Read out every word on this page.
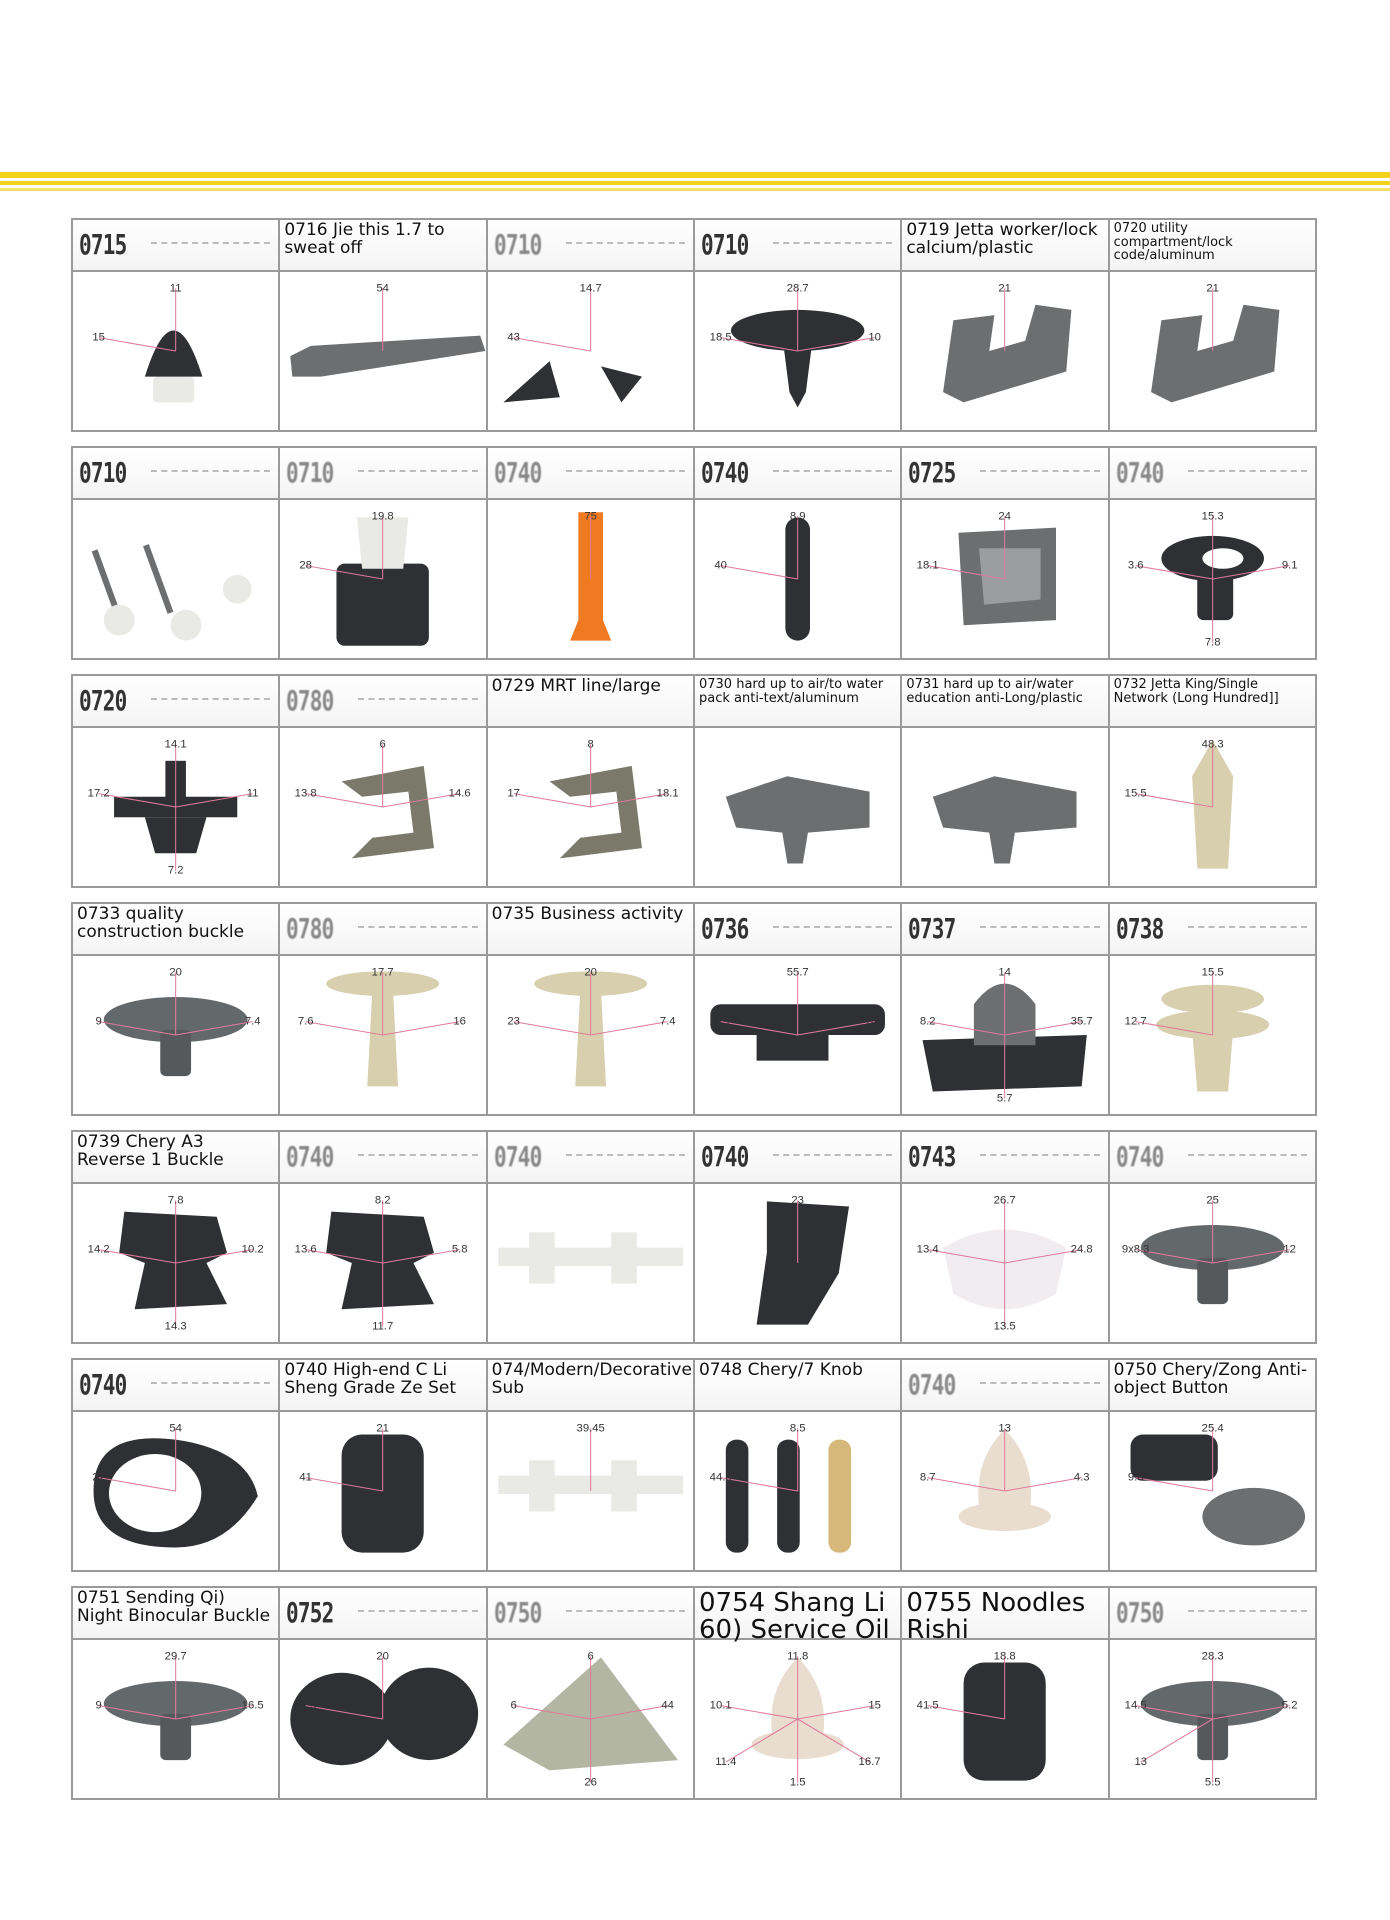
0715
11
15
0716 Jie this 1.7 to sweat off
54
0710
14.7
43
0710
28.7
18.5	10
0719 Jetta worker/lock calcium/plastic
21
0720 utility compartment/lock code/aluminum
21
0710	0710
19.8
28
0740
75
0740
8.9
40
0725
24
18.1
0740
15.3
3.6	9.1
7.8
0720
14.1
17.2	11
7.2
0780
6
13.8	14.6
0729 MRT line/large
8
17	18.1
0730 hard up to air/to water pack anti-text/aluminum
0731 hard up to air/water education anti-Long/plastic
0732 Jetta King/Single Network (Long Hundred]]
48.3
15.5
0733 quality construction buckle
20
9	7.4
0780
17.7
7.6	16
0735 Business activity
20
23	7.4
0736
55.7
21.7	8.5
0737
14
8.2	35.7
5.7
0738
15.5
12.7
0739 Chery A3 Reverse 1 Buckle
7.8
14.2	10.2
14.3
0740
8.2
13.6	5.8
11.7
0740	0740
23
0743
26.7
13.4	24.8
13.5
0740
25
9x8.3	12
0740
54
27
0740 High-end C Li Sheng Grade Ze Set
21
41
074/Modern/Decorative Sub
39.45
0748 Chery/7 Knob
8.5
44.8
0740
13
8.7	4.3
0750 Chery/Zong Anti-object Button
25.4
9.8
0751 Sending Qi) Night Binocular Buckle
29.7
9	16.5
0752
20
22.5
0750
6
6	44
26
0754 Shang Li 60) Service Oil
11.8
10.1	15
1.5
11.4	16.7
0755 Noodles Rishi
18.8
41.5
0750
28.3
14.5	5.2
5.5
13
